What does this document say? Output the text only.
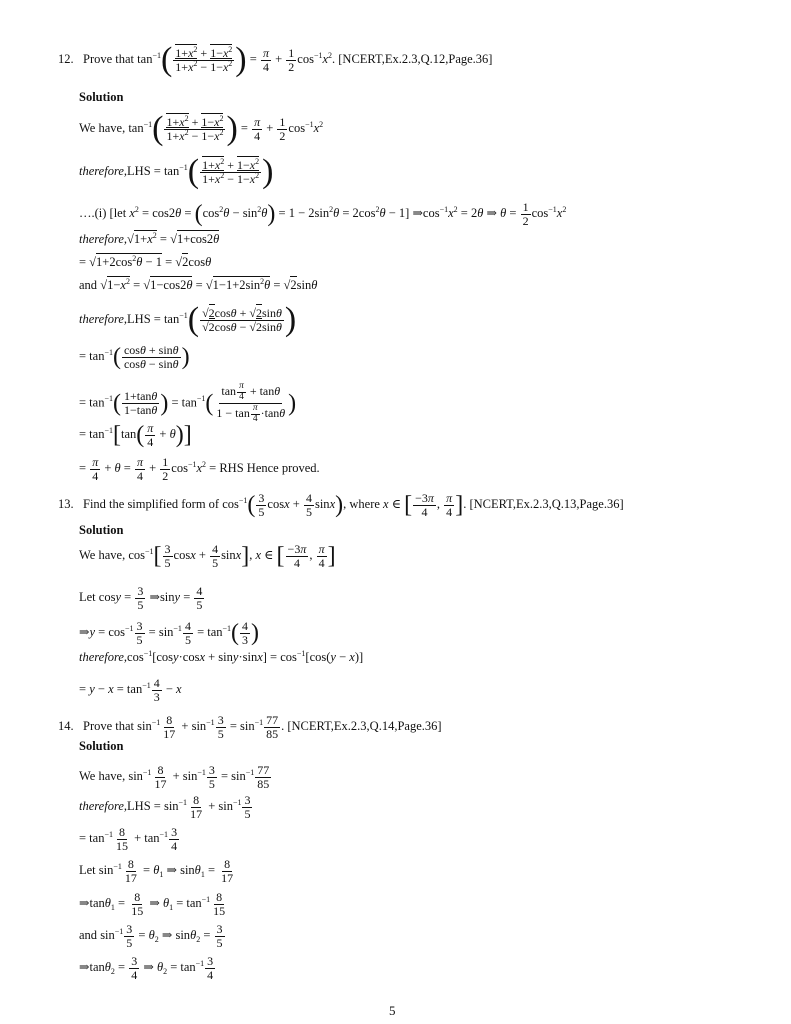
12. Prove that $\tan^{-1}( \frac{1+x^2 + 1-x^2}{1+x^2 - 1-x^2}$ ) = $\frac{\pi}{4} + \frac{1}{2} \cos^{-1}x^2$. [NCERT,Ex.2.3,Q.12,Page.36]
Solution
We have, $\tan^{-1}( \frac{1+x^2 + 1-x^2}{1+x^2 - 1-x^2}$ ) = $\frac{\pi}{4} + \frac{1}{2} \cos^{-1}x^2$
therefore,LHS = $\tan^{-1}( \frac{1+x^2 + 1-x^2}{1+x^2 - 1-x^2}$ )
….(i) [let $x^2 = \cos 2\theta = (\cos^2\theta - \sin^2\theta) = 1 - 2\sin^2\theta = 2\cos^2\theta - 1$] $\Rightarrow\cos^{-1}x^2 = 2\theta$ ⇒ $\theta = \frac{1}{2} \cos^{-1}x^2$
$therefore,√1+x^2 = √1+\cos 2\theta$
= $√1+2\cos^2\theta - 1 = √2\cos\theta$
and $√1-x^2 = √1-\cos 2\theta = √1-1+2\sin^2\theta = √2\sin\theta$
therefore,LHS = $\tan^{-1}( \frac{√2\cos\theta + √2\sin\theta}{√2\cos\theta - √2\sin\theta}$ )
= $\tan^{-1}( \frac{\cos\theta + \sin\theta}{\cos\theta - \sin\theta}$ )
= $\tan^{-1}( \frac{1+\tan\theta}{1-\tan\theta}$ ) = $\tan^{-1}( \frac{\tan \frac{\pi}{4} + \tan\theta}{1 - \tan \frac{\pi}{4} \cdot\tan\theta}$ )
= $\tan^{-1}[\tan( \frac{\pi}{4} + \theta)]$
= $\frac{\pi}{4} + \theta = \frac{\pi}{4} + \frac{1}{2} \cos^{-1}x^2$ = RHS Hence proved.
13. Find the simplified form of $\cos^{-1}( \frac{3}{5}$ $\cos x + \frac{4}{5} \sin x$), where x ∈ [ $\frac{-3\pi}{4}$ , $\frac{\pi}{4}$ ]. [NCERT,Ex.2.3,Q.13,Page.36]
Solution
We have, $\cos^{-1}[ \frac{3}{5}$ $\cos x + \frac{4}{5} \sin x$], x ∈ [ $\frac{-3\pi}{4}$ , $\frac{\pi}{4}$ ]
Let $\cos y = \frac{3}{5}$ ⇒siny = $\frac{4}{5}$
⇒y = $\cos^{-1} \frac{3}{5} = \sin^{-1} \frac{4}{5} = \tan^{-1}( \frac{4}{3}$ )
$therefore,\cos^{-1}[\cos y\cdot\cos x + \sin y\cdot\sin x] = \cos^{-1}[\cos(y - x)]$
= $y - x = \tan^{-1} \frac{4}{3} - x$
14. Prove that $\sin^{-1} \frac{8}{17} + \sin^{-1} \frac{3}{5} = \sin^{-1} \frac{77}{85}$ . [NCERT,Ex.2.3,Q.14,Page.36]
Solution
We have, $\sin^{-1} \frac{8}{17} + \sin^{-1} \frac{3}{5} = \sin^{-1} \frac{77}{85}$
therefore,LHS = $\sin^{-1} \frac{8}{17} + \sin^{-1} \frac{3}{5}$
= $\tan^{-1} \frac{8}{15} + \tan^{-1} \frac{3}{4}$
Let $\sin^{-1} \frac{8}{17} = \theta_1$ ⇒ $\sin\theta_1 = \frac{8}{17}$
⇒tanθ$_1$ = $\frac{8}{15}$ ⇒ $\theta_1 = \tan^{-1} \frac{8}{15}$
and $\sin^{-1} \frac{3}{5} = \theta_2$ ⇒ $\sin\theta_2 = \frac{3}{5}$
⇒tanθ$_2$ = $\frac{3}{4}$ ⇒ $\theta_2 = \tan^{-1} \frac{3}{4}$
5
